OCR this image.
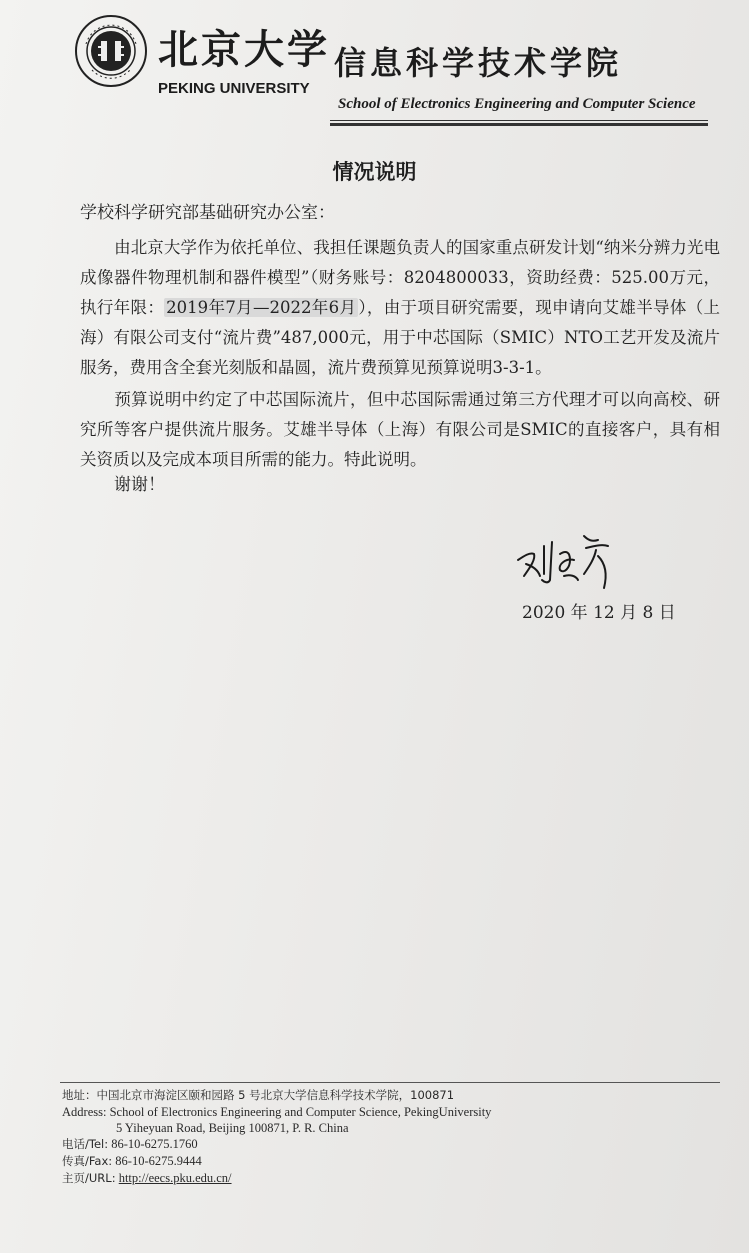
北京大学
PEKING UNIVERSITY
信息科学技术学院
School of Electronics Engineering and Computer Science
情况说明
学校科学研究部基础研究办公室：

由北京大学作为依托单位、我担任课题负责人的国家重点研发计划“纳米分辨力光电成像器件物理机制和器件模型”（财务账号：8204800033，资助经费：525.00万元，执行年限： 2019年7月—2022年6月 ），由于项目研究需要，现申请向艾雄半导体（上海）有限公司支付“流片费”487,000元，用于中芯国际（SMIC）NTO工艺开发及流片服务，费用含全套光刻版和晶圆，流片费预算见预算说明3-3-1。

预算说明中约定了中芯国际流片，但中芯国际需通过第三方代理才可以向高校、研究所等客户提供流片服务。艾雄半导体（上海）有限公司是SMIC的直接客户，具有相关资质以及完成本项目所需的能力。特此说明。

谢谢！
2020 年 12 月 8 日
地址：中国北京市海淀区颐和园路 5 号北京大学信息科学技术学院，100871
Address: School of Electronics Engineering and Computer Science, PekingUniversity
5 Yiheyuan Road, Beijing 100871, P. R. China
电话/Tel: 86-10-6275.1760
传真/Fax: 86-10-6275.9444
主页/URL: http://eecs.pku.edu.cn/
